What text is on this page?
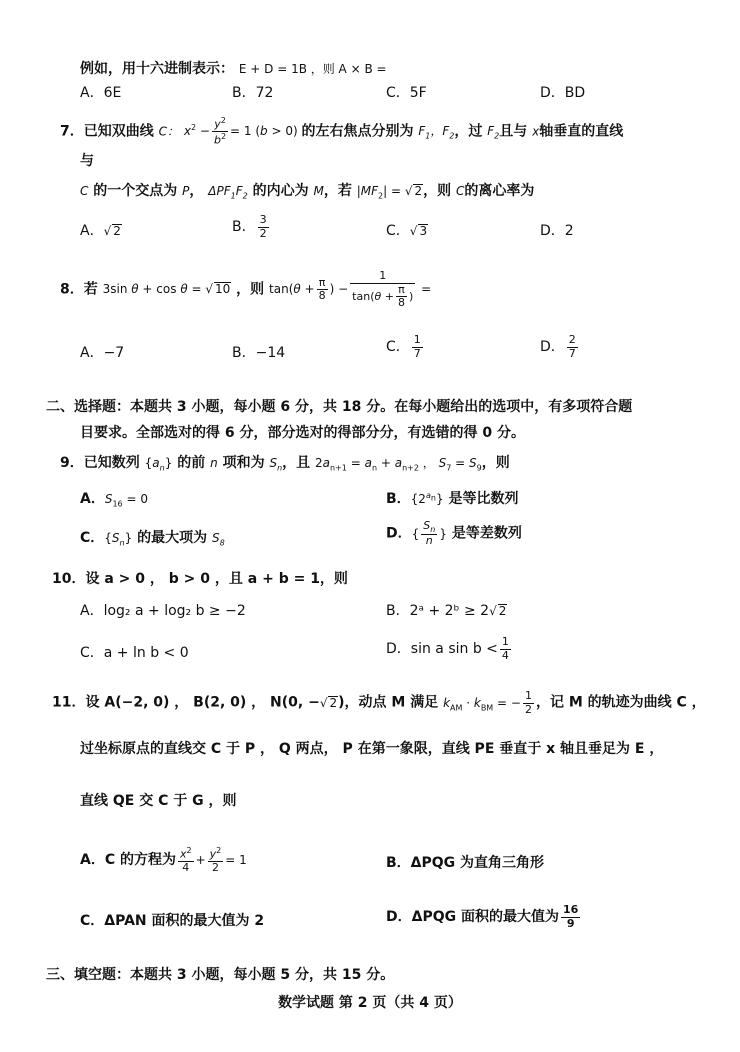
例如，用十六进制表示： E + D = 1B ，则 A × B =
A．6E	B．72	C．5F	D．BD
7．已知双曲线 C： $x^2 - \frac{y^2}{b^2} = 1$ (b > 0) 的左右焦点分别为 $F_1$，$F_2$，过 $F_2$且与 x轴垂直的直线
与
C 的一个交点为 P， $\Delta PF_1F_2$ 的内心为 M，若 $|MF_2|$ = √ 2，则 C的离心率为
A．√ 2	B． $\frac{3}{2}$	C．√ 3	D．2
8．若 3sin θ + cos θ = √ 10 ，则 $\tan(\theta + \frac{\pi}{8}$ ) − $\frac{1}{\tan(\theta + \frac{\pi}{8} )}$ =
A．−7	B．−14	C． $\frac{1}{7}$	D． $\frac{2}{7}$
二、选择题：本题共 3 小题，每小题 6 分，共 18 分。在每小题给出的选项中，有多项符合题
目要求。全部选对的得 6 分，部分选对的得部分分，有选错的得 0 分。
9．已知数列 $\{a_n\}$ 的前 n 项和为 $S_n$，且 $2a_{n+1} = a_n + a_{n+2}$ ， $S_7 = S_9$，则
A．$S_{16} = 0$	B．$\{2^{a_n}\}$ 是等比数列
C．$\{S_n\}$ 的最大项为 $S_8$
D．{ $\frac{S_n}{n}$ } 是等差数列
10．设 a > 0 ， b > 0 ，且 a + b = 1，则
A．log₂ a + log₂ b ≥ −2	B．2ᵃ + 2ᵇ ≥ 2√ 2
C．a + ln b < 0	D．sin a $\sin b < \frac{1}{4}$
11．设 A(−2, 0) ， B(2, 0) ， N(0, −√ 2)，动点 M 满足 $k_{AM} \cdot k_{BM}$ = − $\frac{1}{2}$ ，记 M 的轨迹为曲线 C ，
过坐标原点的直线交 C 于 P ， Q 两点， P 在第一象限，直线 PE 垂直于 x 轴且垂足为 E ，
直线 QE 交 C 于 G ，则
A．C 的方程为 $\frac{x^2}{4} + \frac{y^2}{2} = 1$	B．ΔPQG 为直角三角形
C．ΔPAN 面积的最大值为 2	D．ΔPQG 面积的最大值为 $\frac{16}{9}$
三、填空题：本题共 3 小题，每小题 5 分，共 15 分。
数学试题 第 2 页（共 4 页）
